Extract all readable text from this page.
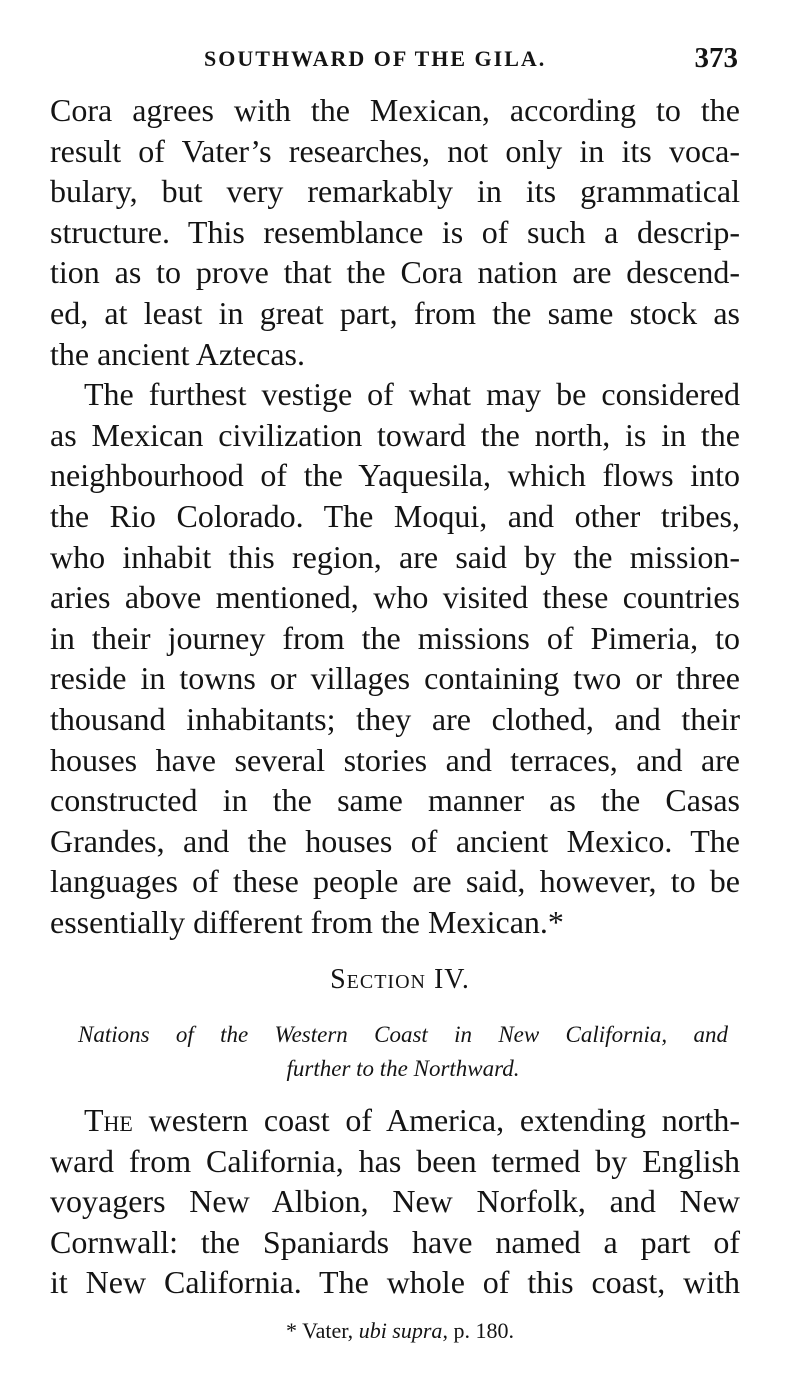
SOUTHWARD OF THE GILA.	373
Cora agrees with the Mexican, according to the
result of Vater’s researches, not only in its voca-
bulary, but very remarkably in its grammatical
structure. This resemblance is of such a descrip-
tion as to prove that the Cora nation are descend-
ed, at least in great part, from the same stock as
the ancient Aztecas.
The furthest vestige of what may be considered
as Mexican civilization toward the north, is in the
neighbourhood of the Yaquesila, which flows into
the Rio Colorado. The Moqui, and other tribes,
who inhabit this region, are said by the mission-
aries above mentioned, who visited these countries
in their journey from the missions of Pimeria, to
reside in towns or villages containing two or three
thousand inhabitants; they are clothed, and their
houses have several stories and terraces, and are
constructed in the same manner as the Casas
Grandes, and the houses of ancient Mexico. The
languages of these people are said, however, to be
essentially different from the Mexican.*
Section IV.
Nations of the Western Coast in New California, and
further to the Northward.
The western coast of America, extending north-
ward from California, has been termed by English
voyagers New Albion, New Norfolk, and New
Cornwall: the Spaniards have named a part of
it New California. The whole of this coast, with
* Vater, ubi supra, p. 180.
